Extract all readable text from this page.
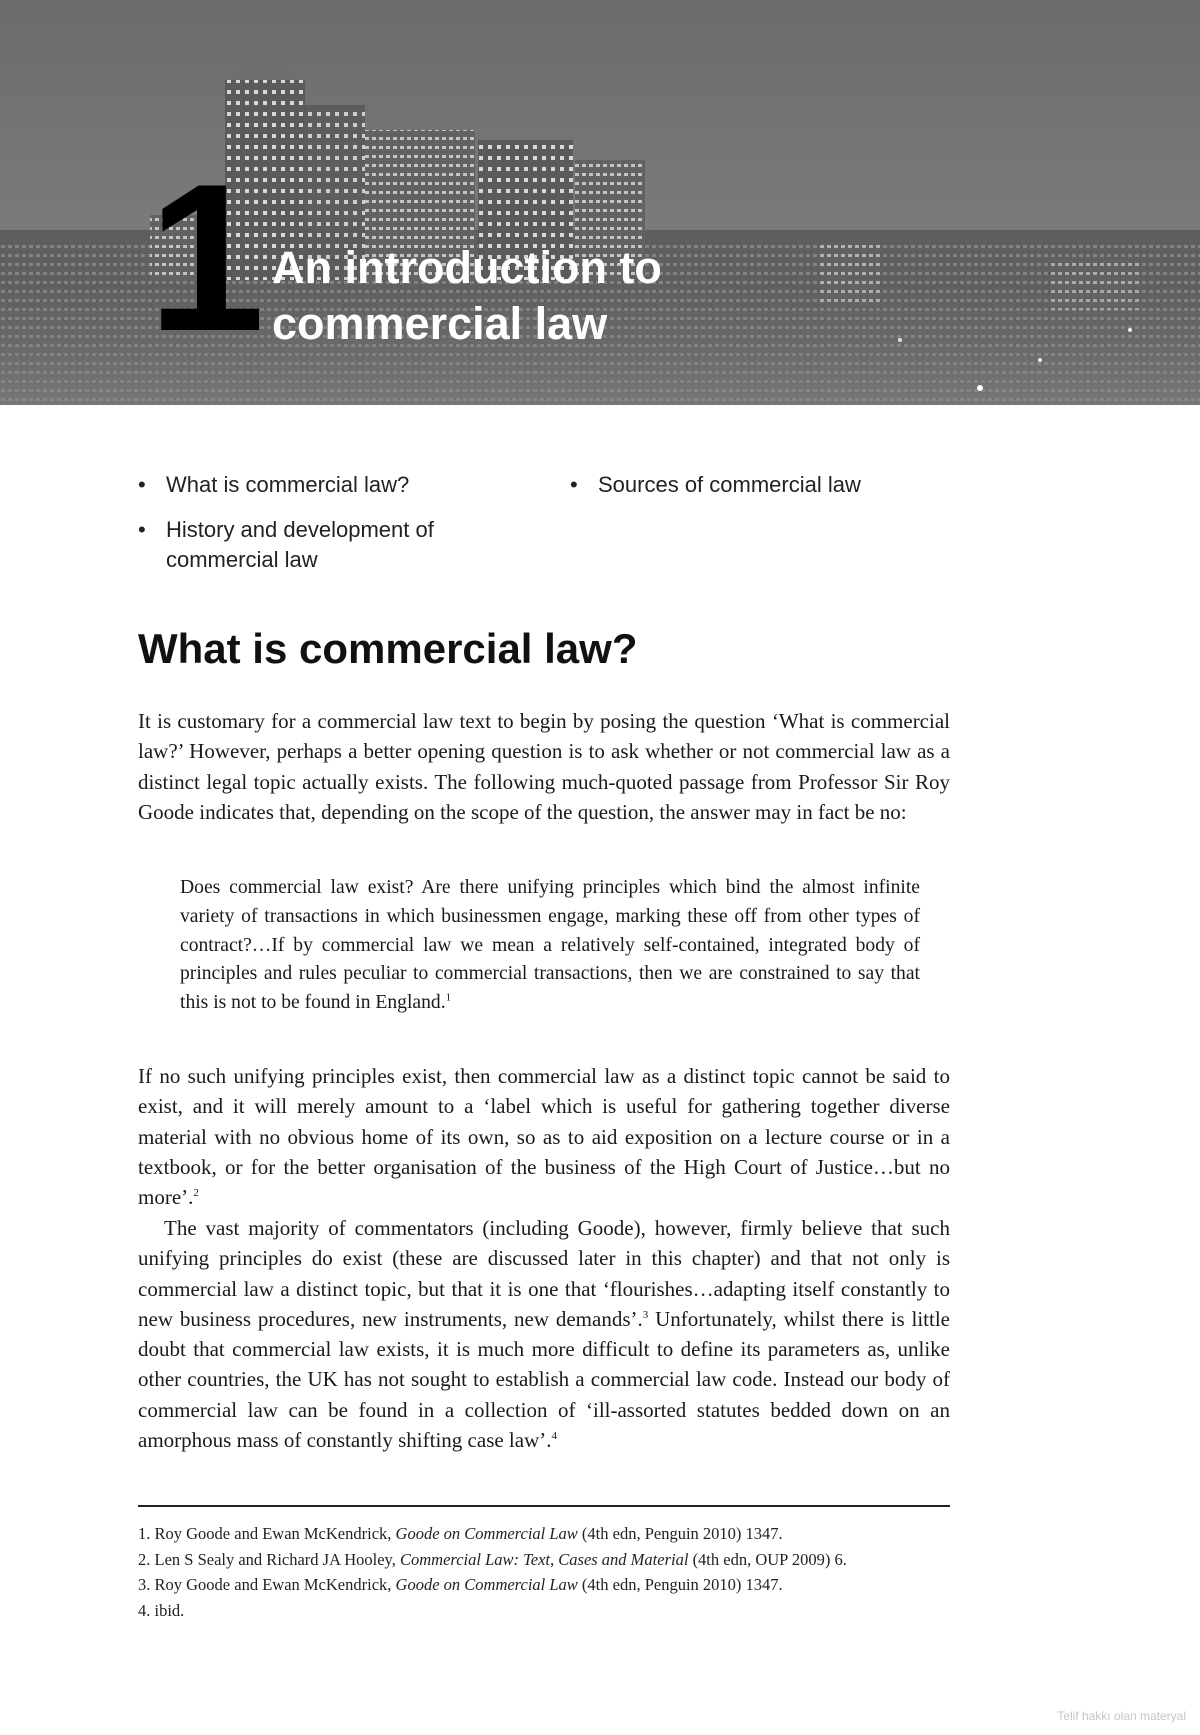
1 An introduction to
commercial law
• What is commercial law?
•	Sources of commercial law
• History and development of commercial law
What is commercial law?

It is customary for a commercial law text to begin by posing the question ‘What is commercial law?’ However, perhaps a better opening question is to ask whether or not commercial law as a distinct legal topic actually exists. The following much-quoted passage from Professor Sir Roy Goode indicates that, depending on the scope of the question, the answer may in fact be no:

Does commercial law exist? Are there unifying principles which bind the almost infinite variety of transactions in which businessmen engage, marking these off from other types of contract?…If by commercial law we mean a relatively self-contained, integrated body of principles and rules peculiar to commercial transactions, then we are constrained to say that this is not to be found in England.$^1$

If no such unifying principles exist, then commercial law as a distinct topic cannot be said to exist, and it will merely amount to a ‘label which is useful for gathering together diverse material with no obvious home of its own, so as to aid exposition on a lecture course or in a textbook, or for the better organisation of the business of the High Court of Justice…but no more’.$^2$

The vast majority of commentators (including Goode), however, firmly believe that such unifying principles do exist (these are discussed later in this chapter) and that not only is commercial law a distinct topic, but that it is one that ‘flourishes…adapting itself constantly to new business procedures, new instruments, new demands’.$^3$ Unfortunately, whilst there is little doubt that commercial law exists, it is much more difficult to define its parameters as, unlike other countries, the UK has not sought to establish a commercial law code. Instead our body of commercial law can be found in a collection of ‘ill-assorted statutes bedded down on an amorphous mass of constantly shifting case law’.$^4$

1. Roy Goode and Ewan McKendrick, Goode on Commercial Law (4th edn, Penguin 2010) 1347.
2. Len S Sealy and Richard JA Hooley, Commercial Law: Text, Cases and Material (4th edn, OUP 2009) 6.
3. Roy Goode and Ewan McKendrick, Goode on Commercial Law (4th edn, Penguin 2010) 1347.
4. ibid.
Telif hakkı olan materyal
